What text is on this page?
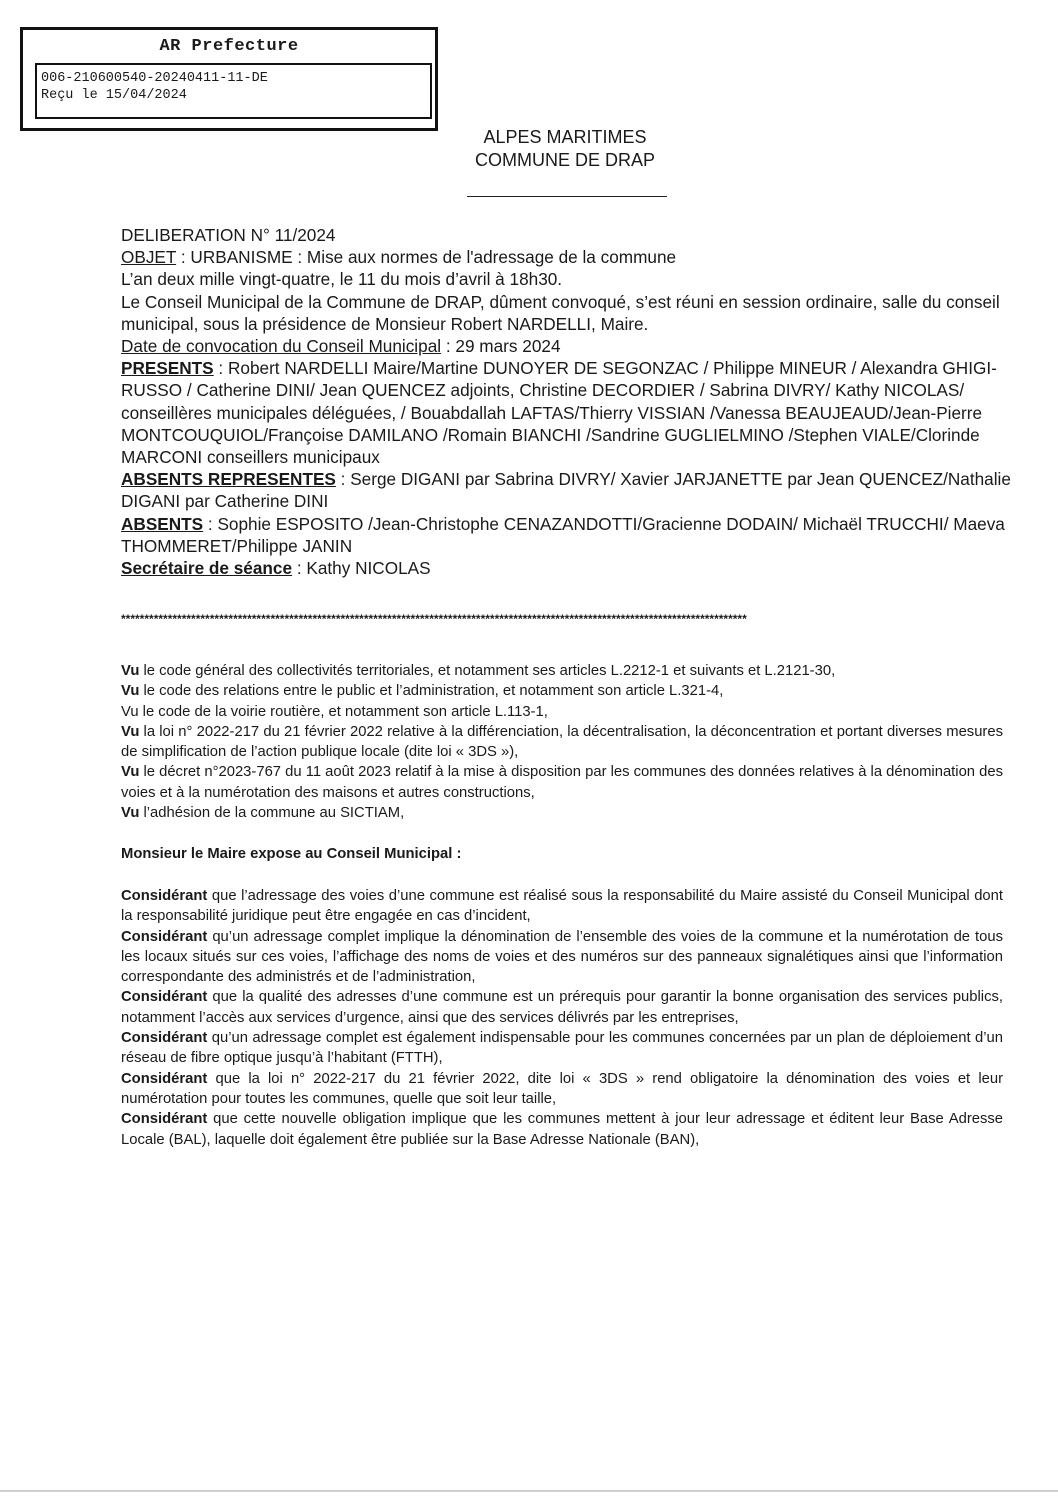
AR Prefecture
006-210600540-20240411-11-DE
Reçu le 15/04/2024
ALPES MARITIMES
COMMUNE DE DRAP

DELIBERATION N° 11/2024

OBJET : URBANISME : Mise aux normes de l'adressage de la commune

L’an deux mille vingt-quatre, le 11 du mois d’avril à 18h30.

Le Conseil Municipal de la Commune de DRAP, dûment convoqué, s’est réuni en session ordinaire, salle du conseil municipal, sous la présidence de Monsieur Robert NARDELLI, Maire.

Date de convocation du Conseil Municipal : 29 mars 2024

PRESENTS : Robert NARDELLI Maire/Martine DUNOYER DE SEGONZAC / Philippe MINEUR / Alexandra GHIGI-RUSSO / Catherine DINI/ Jean QUENCEZ adjoints, Christine DECORDIER / Sabrina DIVRY/ Kathy NICOLAS/ conseillères municipales déléguées, / Bouabdallah LAFTAS/Thierry VISSIAN /Vanessa BEAUJEAUD/Jean-Pierre MONTCOUQUIOL/Françoise DAMILANO /Romain BIANCHI /Sandrine GUGLIELMINO /Stephen VIALE/Clorinde MARCONI conseillers municipaux

ABSENTS REPRESENTES : Serge DIGANI par Sabrina DIVRY/ Xavier JARJANETTE par Jean QUENCEZ/Nathalie DIGANI par Catherine DINI

ABSENTS : Sophie ESPOSITO /Jean-Christophe CENAZANDOTTI/Gracienne DODAIN/ Michaël TRUCCHI/ Maeva THOMMERET/Philippe JANIN

Secrétaire de séance : Kathy NICOLAS

**************************************************************************************************************************************

Vu le code général des collectivités territoriales, et notamment ses articles L.2212-1 et suivants et L.2121-30,

Vu le code des relations entre le public et l’administration, et notamment son article L.321-4,

Vu le code de la voirie routière, et notamment son article L.113-1,

Vu la loi n° 2022-217 du 21 février 2022 relative à la différenciation, la décentralisation, la déconcentration et portant diverses mesures de simplification de l’action publique locale (dite loi « 3DS »),

Vu le décret n°2023-767 du 11 août 2023 relatif à la mise à disposition par les communes des données relatives à la dénomination des voies et à la numérotation des maisons et autres constructions,

Vu l’adhésion de la commune au SICTIAM,

Monsieur le Maire expose au Conseil Municipal :

Considérant que l’adressage des voies d’une commune est réalisé sous la responsabilité du Maire assisté du Conseil Municipal dont la responsabilité juridique peut être engagée en cas d’incident,

Considérant qu’un adressage complet implique la dénomination de l’ensemble des voies de la commune et la numérotation de tous les locaux situés sur ces voies, l’affichage des noms de voies et des numéros sur des panneaux signalétiques ainsi que l’information correspondante des administrés et de l’administration,

Considérant que la qualité des adresses d’une commune est un prérequis pour garantir la bonne organisation des services publics, notamment l’accès aux services d’urgence, ainsi que des services délivrés par les entreprises,

Considérant qu’un adressage complet est également indispensable pour les communes concernées par un plan de déploiement d’un réseau de fibre optique jusqu’à l’habitant (FTTH),

Considérant que la loi n° 2022-217 du 21 février 2022, dite loi « 3DS » rend obligatoire la dénomination des voies et leur numérotation pour toutes les communes, quelle que soit leur taille,

Considérant que cette nouvelle obligation implique que les communes mettent à jour leur adressage et éditent leur Base Adresse Locale (BAL), laquelle doit également être publiée sur la Base Adresse Nationale (BAN),
